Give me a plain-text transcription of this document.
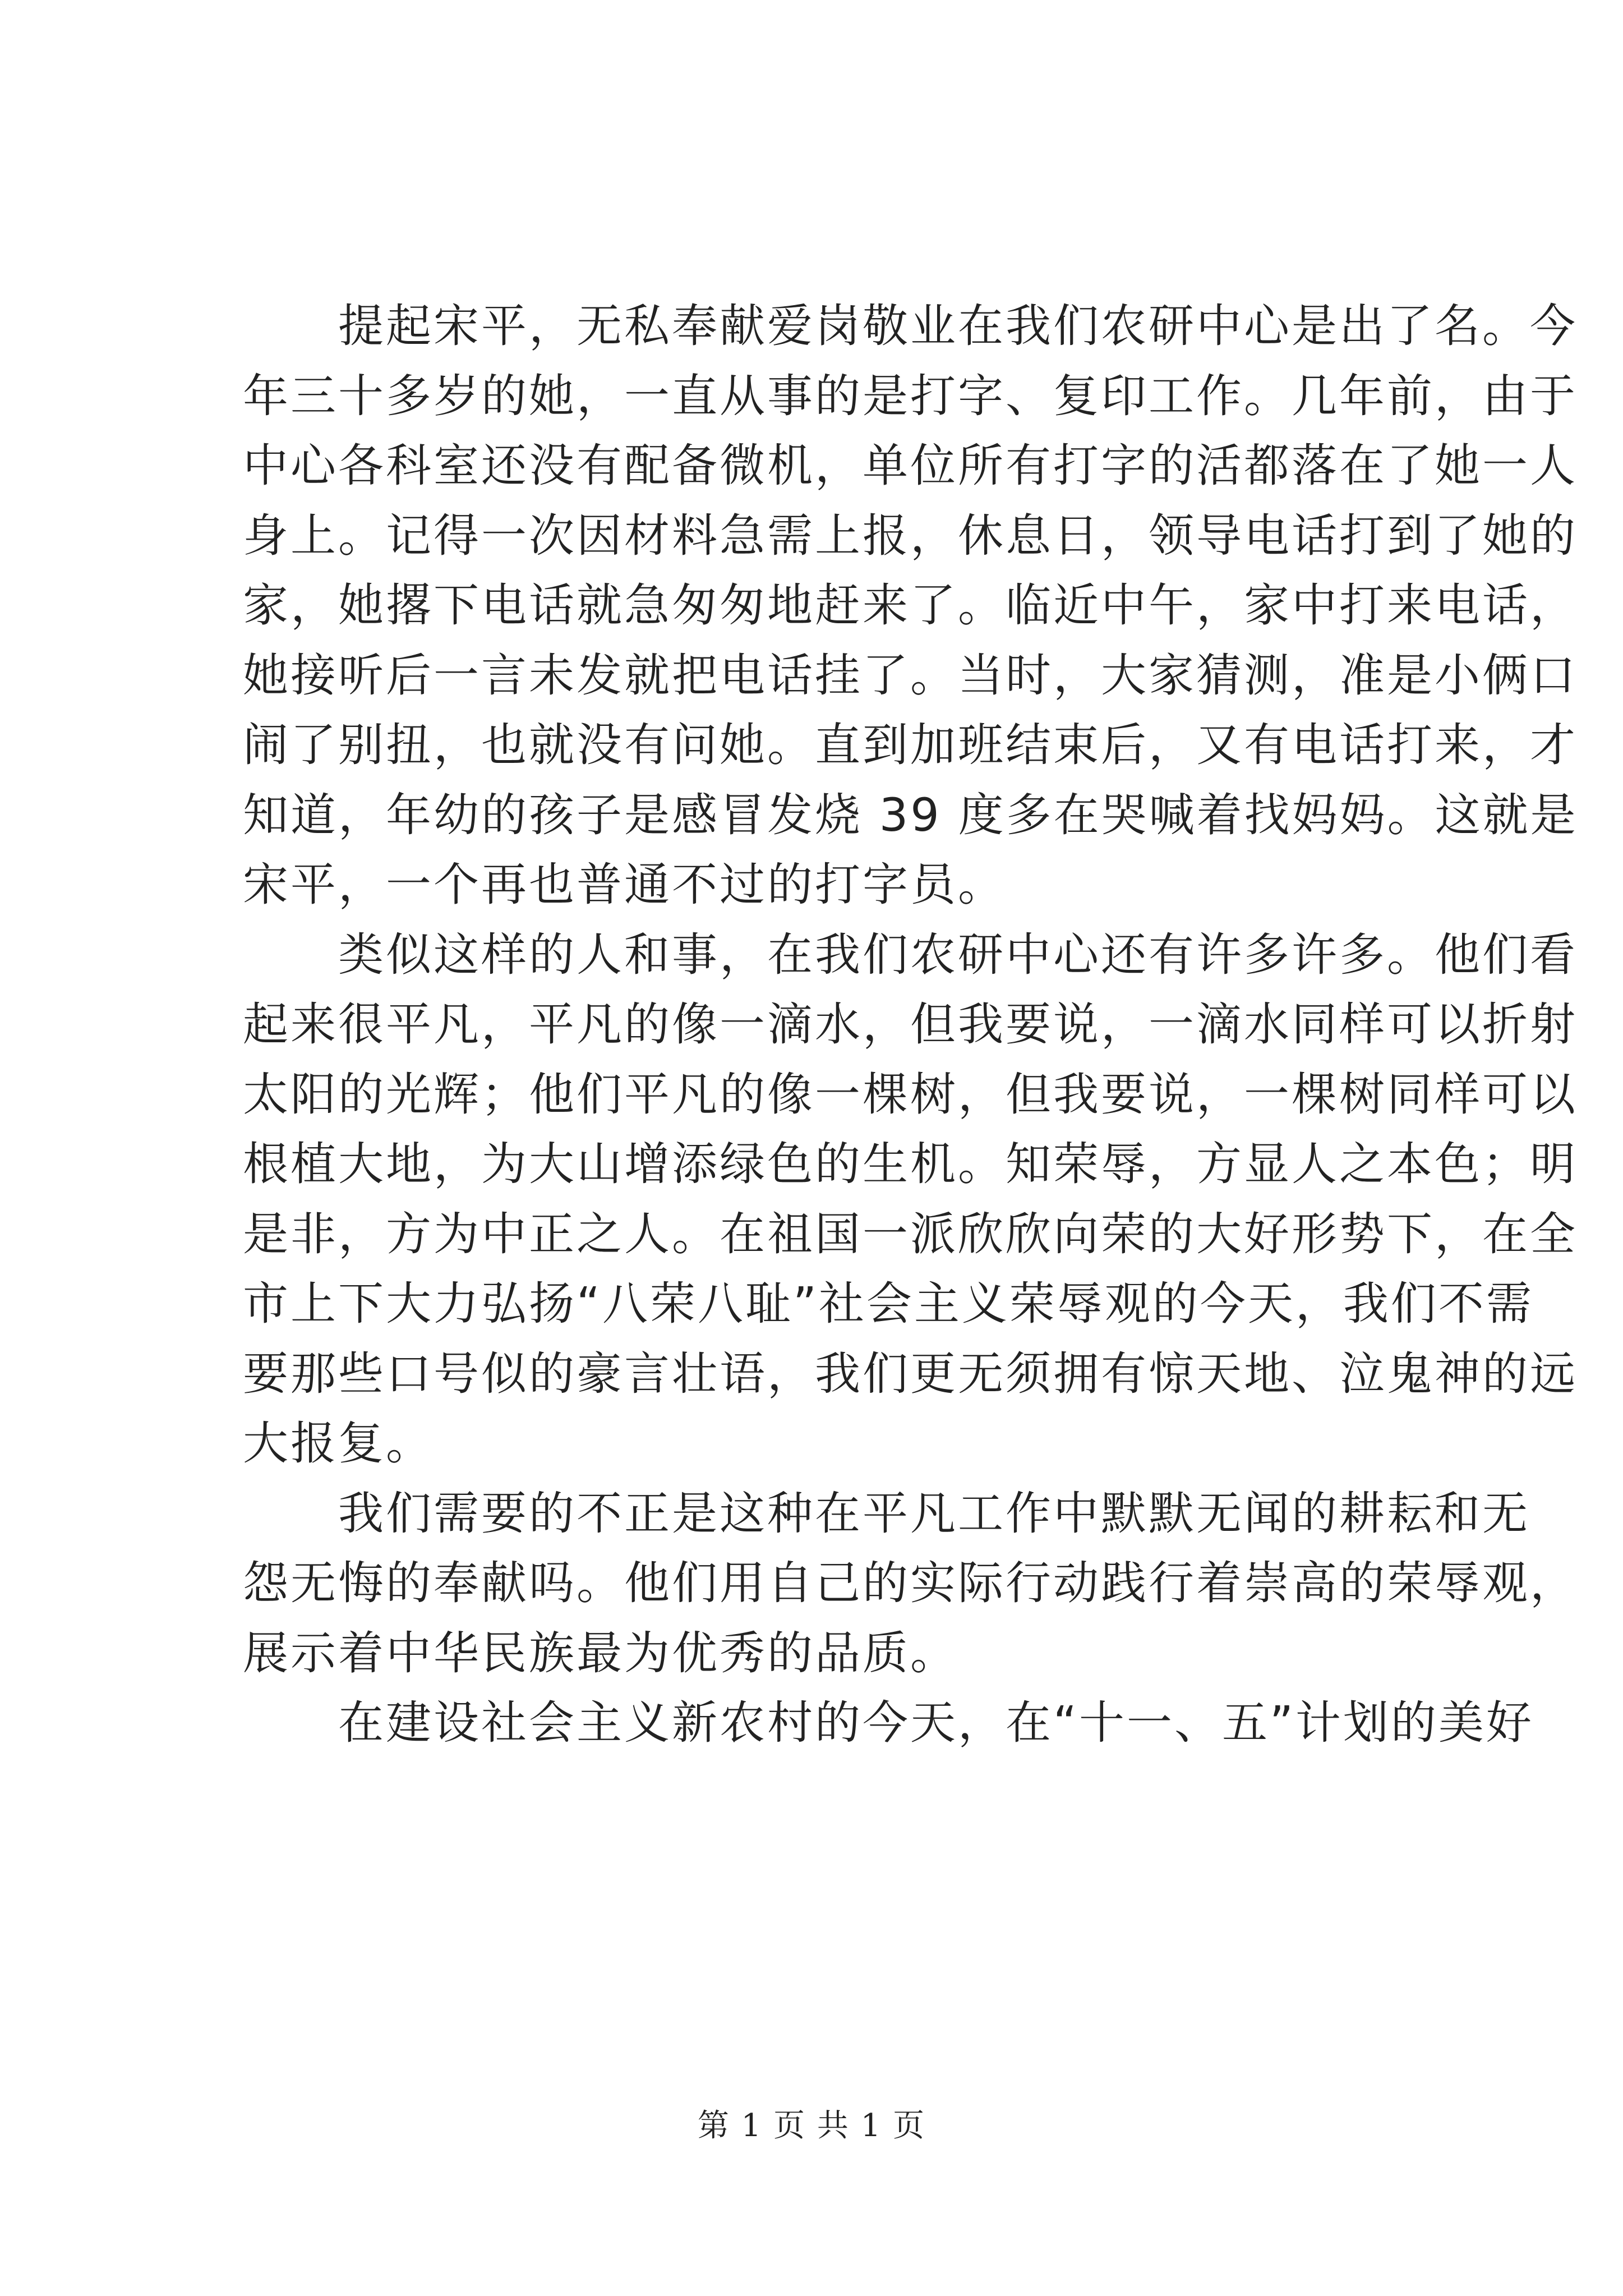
提起宋平，无私奉献爱岗敬业在我们农研中心是出了名。今
年三十多岁的她，一直从事的是打字、复印工作。几年前，由于
中心各科室还没有配备微机，单位所有打字的活都落在了她一人
身上。记得一次因材料急需上报，休息日，领导电话打到了她的
家，她撂下电话就急匆匆地赶来了。临近中午，家中打来电话，
她接听后一言未发就把电话挂了。当时，大家猜测，准是小俩口
闹了别扭，也就没有问她。直到加班结束后，又有电话打来，才
知道，年幼的孩子是感冒发烧 39 度多在哭喊着找妈妈。这就是
宋平，一个再也普通不过的打字员。
类似这样的人和事，在我们农研中心还有许多许多。他们看
起来很平凡，平凡的像一滴水，但我要说，一滴水同样可以折射
太阳的光辉；他们平凡的像一棵树，但我要说，一棵树同样可以
根植大地，为大山增添绿色的生机。知荣辱，方显人之本色；明
是非，方为中正之人。在祖国一派欣欣向荣的大好形势下，在全
市上下大力弘扬“八荣八耻”社会主义荣辱观的今天，我们不需
要那些口号似的豪言壮语，我们更无须拥有惊天地、泣鬼神的远
大报复。
我们需要的不正是这种在平凡工作中默默无闻的耕耘和无
怨无悔的奉献吗。他们用自己的实际行动践行着崇高的荣辱观，
展示着中华民族最为优秀的品质。
在建设社会主义新农村的今天，在“十一、五”计划的美好
第 1 页 共 1 页
